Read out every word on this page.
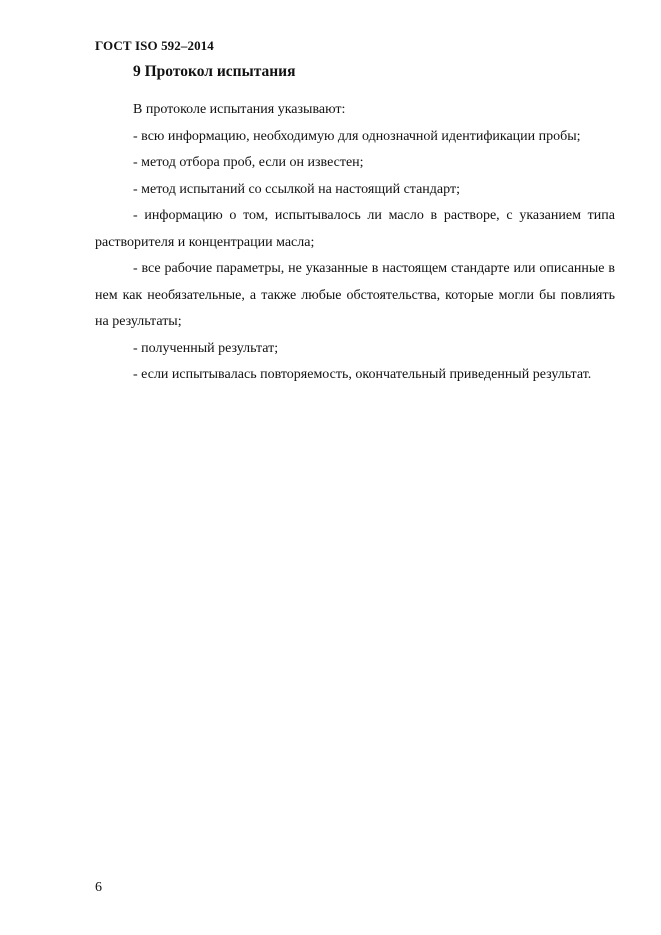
ГОСТ ISO 592–2014
9 Протокол испытания

В протоколе испытания указывают:

- всю информацию, необходимую для однозначной идентификации пробы;

- метод отбора проб, если он известен;

- метод испытаний со ссылкой на настоящий стандарт;

- информацию о том, испытывалось ли масло в растворе, с указанием типа растворителя и концентрации масла;

- все рабочие параметры, не указанные в настоящем стандарте или описанные в нем как необязательные, а также любые обстоятельства, которые могли бы повлиять на результаты;

- полученный результат;

- если испытывалась повторяемость, окончательный приведенный результат.

6
